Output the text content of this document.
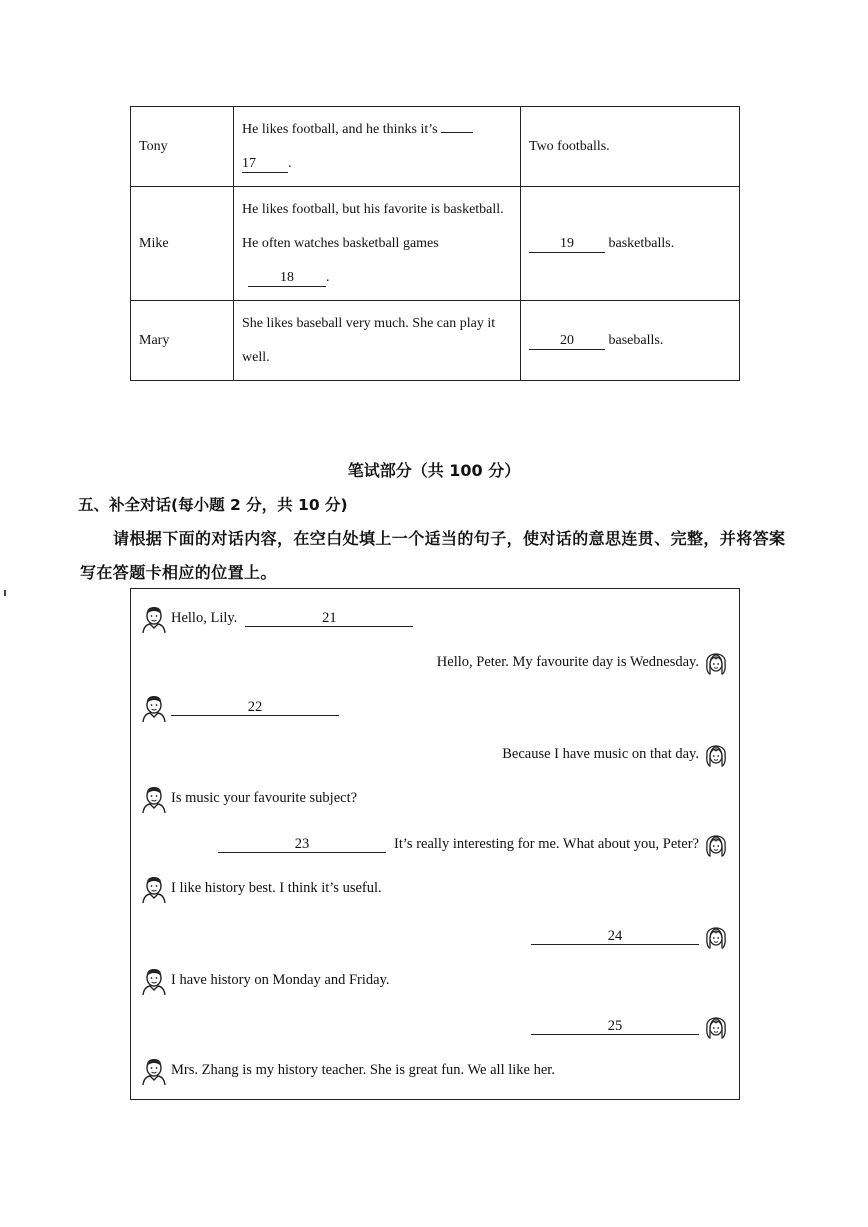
Tony	He likes football, and he thinks it’s
17 .	Two footballs.
Mike	He likes football, but his favorite is basketball. He often watches basketball games 18 .	19 basketballs.
Mary	She likes baseball very much. She can play it well.	20 baseballs.
笔试部分（共 100 分）
五、补全对话(每小题 2 分，共 10 分)
请根据下面的对话内容，在空白处填上一个适当的句子，使对话的意思连贯、完整，并将答案写在答题卡相应的位置上。
Hello, Lily.	21
Hello, Peter. My favourite day is Wednesday.
22
Because I have music on that day.
Is music your favourite subject?
23	It’s really interesting for me. What about you, Peter?
I like history best. I think it’s useful.
24
I have history on Monday and Friday.
25
Mrs. Zhang is my history teacher. She is great fun. We all like her.
